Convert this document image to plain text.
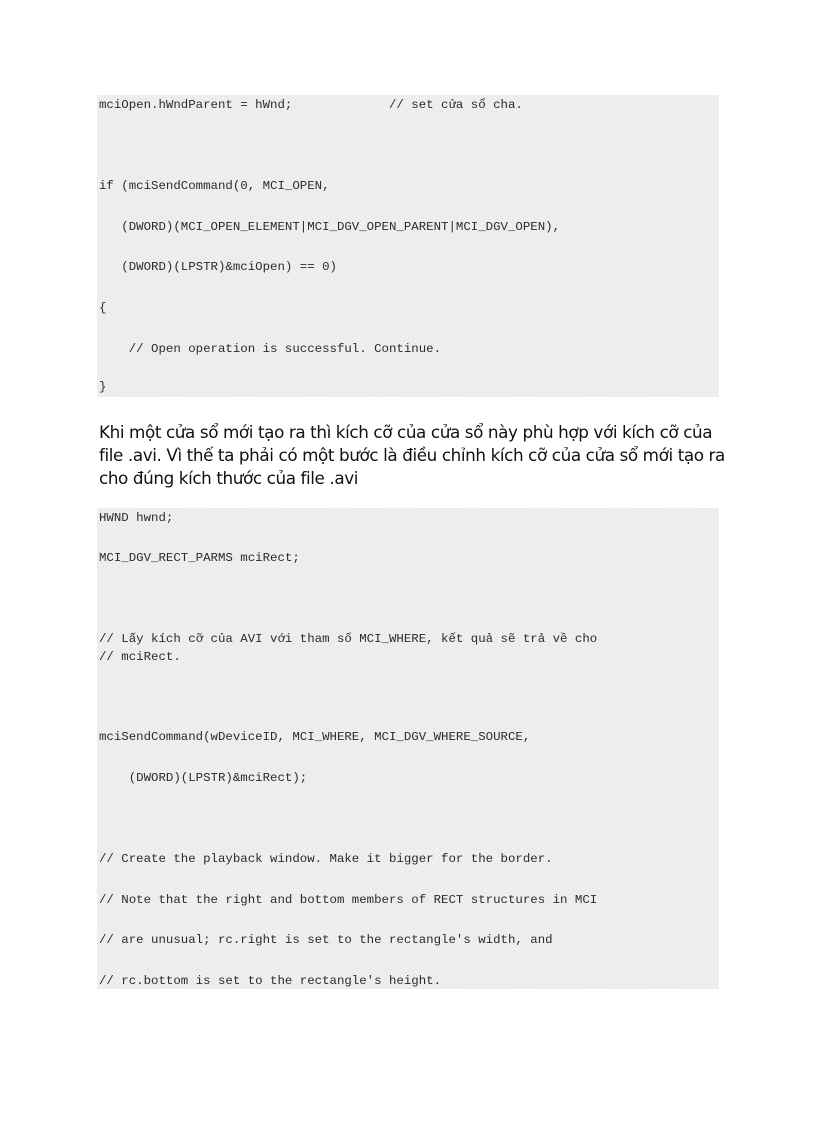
mciOpen.hWndParent = hWnd;             // set cửa sổ cha.
if (mciSendCommand(0, MCI_OPEN,
(DWORD)(MCI_OPEN_ELEMENT|MCI_DGV_OPEN_PARENT|MCI_DGV_OPEN),
(DWORD)(LPSTR)&mciOpen) == 0)
{
// Open operation is successful. Continue.
}
Khi một cửa sổ mới tạo ra thì kích cỡ của cửa sổ này phù hợp với kích cỡ của
file .avi. Vì thế ta phải có một bước là điều chỉnh kích cỡ của cửa sổ mới tạo ra
cho đúng kích thước của file .avi
HWND hwnd;
MCI_DGV_RECT_PARMS mciRect;
// Lấy kích cỡ của AVI với tham số MCI_WHERE, kết quả sẽ trả về cho
// mciRect.
mciSendCommand(wDeviceID, MCI_WHERE, MCI_DGV_WHERE_SOURCE,
(DWORD)(LPSTR)&mciRect);
// Create the playback window. Make it bigger for the border.
// Note that the right and bottom members of RECT structures in MCI
// are unusual; rc.right is set to the rectangle's width, and
// rc.bottom is set to the rectangle's height.
